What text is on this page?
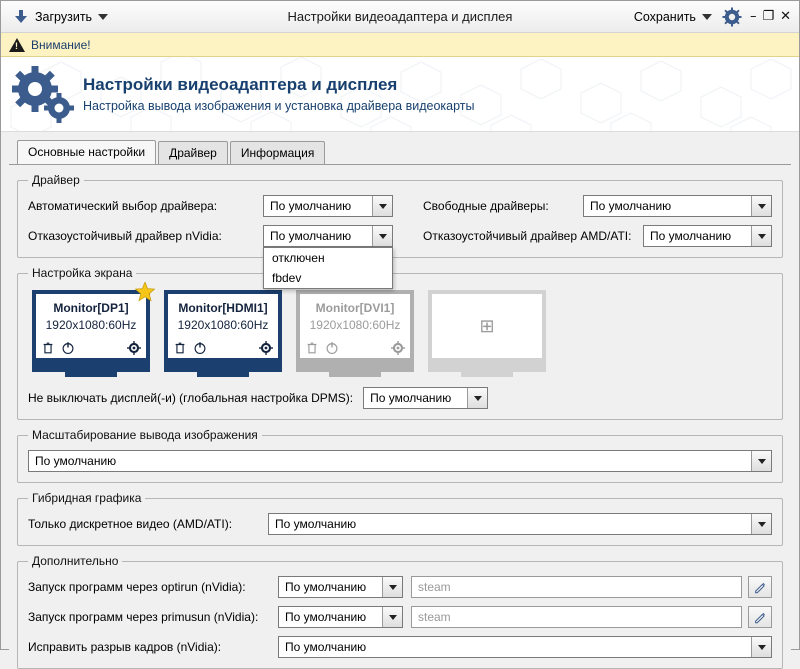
Загрузить	Настройки видеоадаптера и дисплея	Сохранить	– ❐ ✕
!
Внимание!
Настройки видеоадаптера и дисплея
Настройка вывода изображения и установка драйвера видеокарты
Основные настройки	Драйвер	Информация
Драйвер
Автоматический выбор драйвера:	По умолчанию	Свободные драйверы:	По умолчанию
Отказоустойчивый драйвер nVidia:	По умолчанию
отключен
fbdev
Отказоустойчивый драйвер AMD/ATI:	По умолчанию
Настройка экрана
Monitor[DP1]
1920x1080:60Hz
Monitor[HDMI1]
1920x1080:60Hz
Monitor[DVI1]
1920x1080:60Hz	⊞
Не выключать дисплей(-и) (глобальная настройка DPMS):	По умолчанию
Масштабирование вывода изображения
По умолчанию
Гибридная графика
Только дискретное видео (AMD/ATI):	По умолчанию
Дополнительно
Запуск программ через optirun (nVidia):	По умолчанию	steam
Запуск программ через primusun (nVidia):	По умолчанию	steam
Исправить разрыв кадров (nVidia):	По умолчанию
